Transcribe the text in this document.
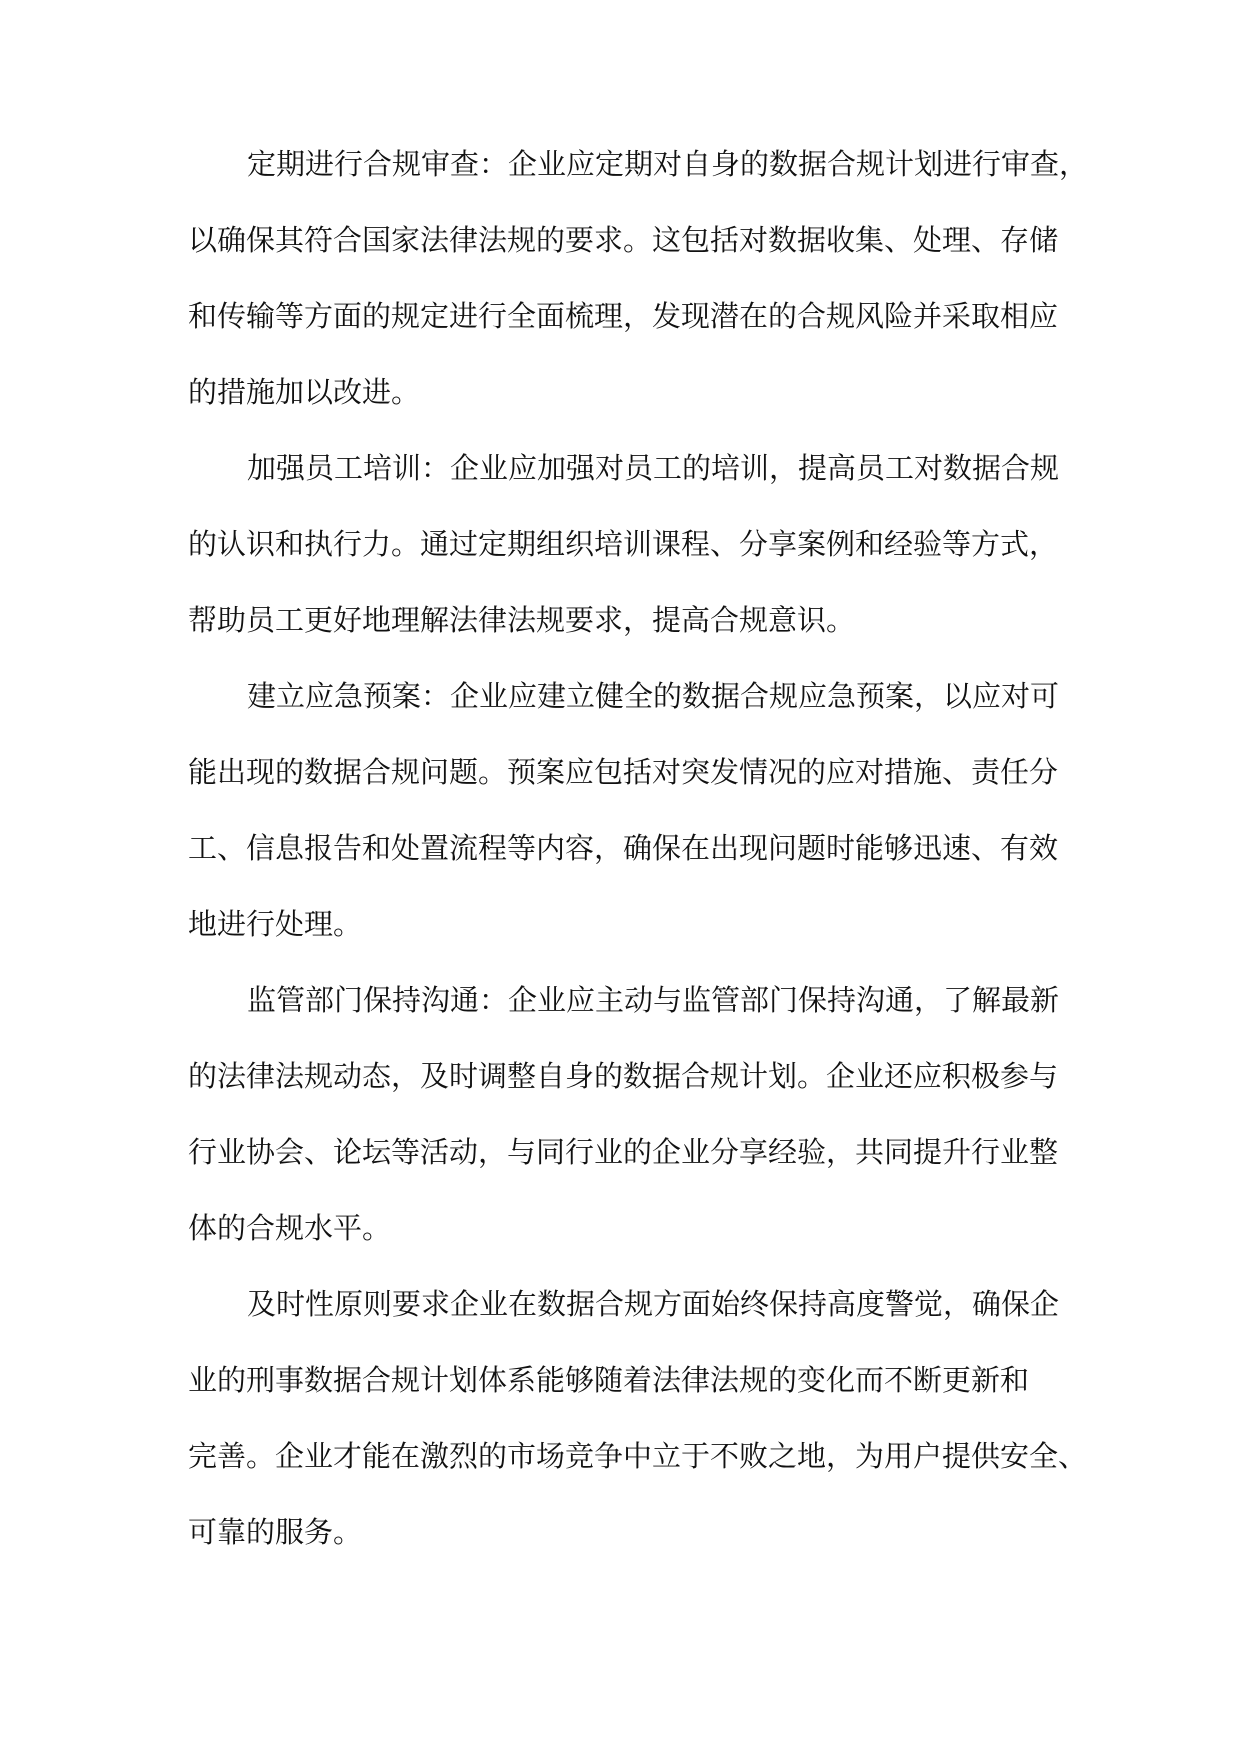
定期进行合规审查：企业应定期对自身的数据合规计划进行审查，
以确保其符合国家法律法规的要求。这包括对数据收集、处理、存储
和传输等方面的规定进行全面梳理，发现潜在的合规风险并采取相应
的措施加以改进。
加强员工培训：企业应加强对员工的培训，提高员工对数据合规
的认识和执行力。通过定期组织培训课程、分享案例和经验等方式，
帮助员工更好地理解法律法规要求，提高合规意识。
建立应急预案：企业应建立健全的数据合规应急预案，以应对可
能出现的数据合规问题。预案应包括对突发情况的应对措施、责任分
工、信息报告和处置流程等内容，确保在出现问题时能够迅速、有效
地进行处理。
监管部门保持沟通：企业应主动与监管部门保持沟通，了解最新
的法律法规动态，及时调整自身的数据合规计划。企业还应积极参与
行业协会、论坛等活动，与同行业的企业分享经验，共同提升行业整
体的合规水平。
及时性原则要求企业在数据合规方面始终保持高度警觉，确保企
业的刑事数据合规计划体系能够随着法律法规的变化而不断更新和
完善。企业才能在激烈的市场竞争中立于不败之地，为用户提供安全、
可靠的服务。
